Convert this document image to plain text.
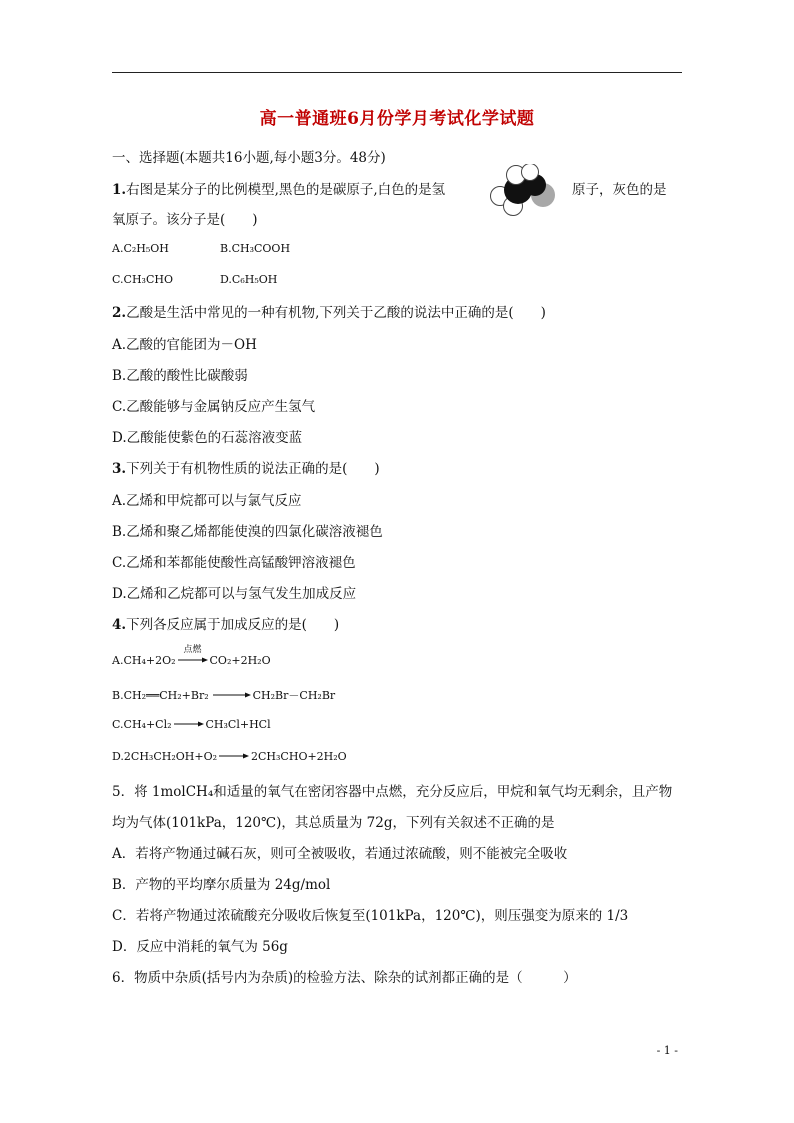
高一普通班6月份学月考试化学试题
一、选择题(本题共16小题,每小题3分。48分)
1.右图是某分子的比例模型,黑色的是碳原子,白色的是氢	原子，灰色的是
氧原子。该分子是(　　)
A.C₂H₅OH	B.CH₃COOH
C.CH₃CHO	D.C₆H₅OH
2.乙酸是生活中常见的一种有机物,下列关于乙酸的说法中正确的是(　　)
A.乙酸的官能团为－OH
B.乙酸的酸性比碳酸弱
C.乙酸能够与金属钠反应产生氢气
D.乙酸能使紫色的石蕊溶液变蓝
3.下列关于有机物性质的说法正确的是(　　)
A.乙烯和甲烷都可以与氯气反应
B.乙烯和聚乙烯都能使溴的四氯化碳溶液褪色
C.乙烯和苯都能使酸性高锰酸钾溶液褪色
D.乙烯和乙烷都可以与氢气发生加成反应
4.下列各反应属于加成反应的是(　　)
A.CH₄+2O₂
点燃
CO₂+2H₂O
B.CH₂══CH₂+Br₂	CH₂Br－CH₂Br
C.CH₄+Cl₂	CH₃Cl+HCl
D.2CH₃CH₂OH+O₂	2CH₃CHO+2H₂O
5．将 1molCH₄和适量的氧气在密闭容器中点燃，充分反应后，甲烷和氧气均无剩余，且产物
均为气体(101kPa，120℃)，其总质量为 72g，下列有关叙述不正确的是
A．若将产物通过碱石灰，则可全被吸收，若通过浓硫酸，则不能被完全吸收
B．产物的平均摩尔质量为 24g/mol
C．若将产物通过浓硫酸充分吸收后恢复至(101kPa，120℃)，则压强变为原来的 1/3
D．反应中消耗的氧气为 56g
6．物质中杂质(括号内为杂质)的检验方法、除杂的试剂都正确的是（　　　）
- 1 -
